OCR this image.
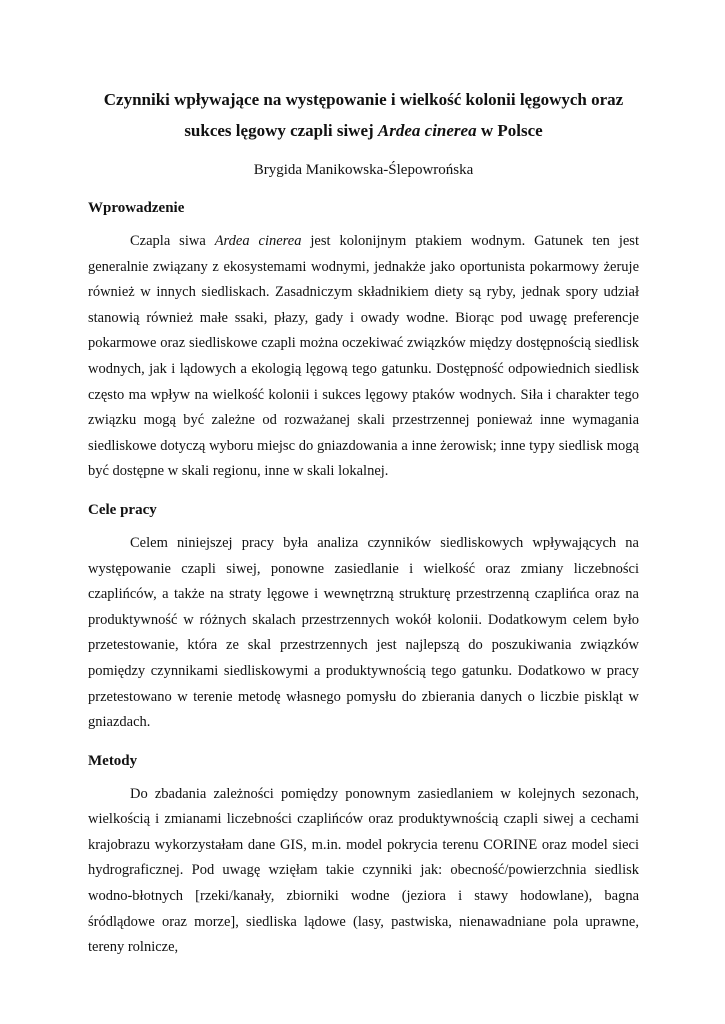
Czynniki wpływające na występowanie i wielkość kolonii lęgowych oraz
sukces lęgowy czapli siwej Ardea cinerea w Polsce

Brygida Manikowska-Ślepowrońska

Wprowadzenie

Czapla siwa Ardea cinerea jest kolonijnym ptakiem wodnym. Gatunek ten jest generalnie związany z ekosystemami wodnymi, jednakże jako oportunista pokarmowy żeruje również w innych siedliskach. Zasadniczym składnikiem diety są ryby, jednak spory udział stanowią również małe ssaki, płazy, gady i owady wodne. Biorąc pod uwagę preferencje pokarmowe oraz siedliskowe czapli można oczekiwać związków między dostępnością siedlisk wodnych, jak i lądowych a ekologią lęgową tego gatunku. Dostępność odpowiednich siedlisk często ma wpływ na wielkość kolonii i sukces lęgowy ptaków wodnych. Siła i charakter tego związku mogą być zależne od rozważanej skali przestrzennej ponieważ inne wymagania siedliskowe dotyczą wyboru miejsc do gniazdowania a inne żerowisk; inne typy siedlisk mogą być dostępne w skali regionu, inne w skali lokalnej.

Cele pracy

Celem niniejszej pracy była analiza czynników siedliskowych wpływających na występowanie czapli siwej, ponowne zasiedlanie i wielkość oraz zmiany liczebności czaplińców, a także na straty lęgowe i wewnętrzną strukturę przestrzenną czaplińca oraz na produktywność w różnych skalach przestrzennych wokół kolonii. Dodatkowym celem było przetestowanie, która ze skal przestrzennych jest najlepszą do poszukiwania związków pomiędzy czynnikami siedliskowymi a produktywnością tego gatunku. Dodatkowo w pracy przetestowano w terenie metodę własnego pomysłu do zbierania danych o liczbie piskląt w gniazdach.

Metody

Do zbadania zależności pomiędzy ponownym zasiedlaniem w kolejnych sezonach, wielkością i zmianami liczebności czaplińców oraz produktywnością czapli siwej a cechami krajobrazu wykorzystałam dane GIS, m.in. model pokrycia terenu CORINE oraz model sieci hydrograficznej. Pod uwagę wzięłam takie czynniki jak: obecność/powierzchnia siedlisk wodno-błotnych [rzeki/kanały, zbiorniki wodne (jeziora i stawy hodowlane), bagna śródlądowe oraz morze], siedliska lądowe (lasy, pastwiska, nienawadniane pola uprawne, tereny rolnicze,
